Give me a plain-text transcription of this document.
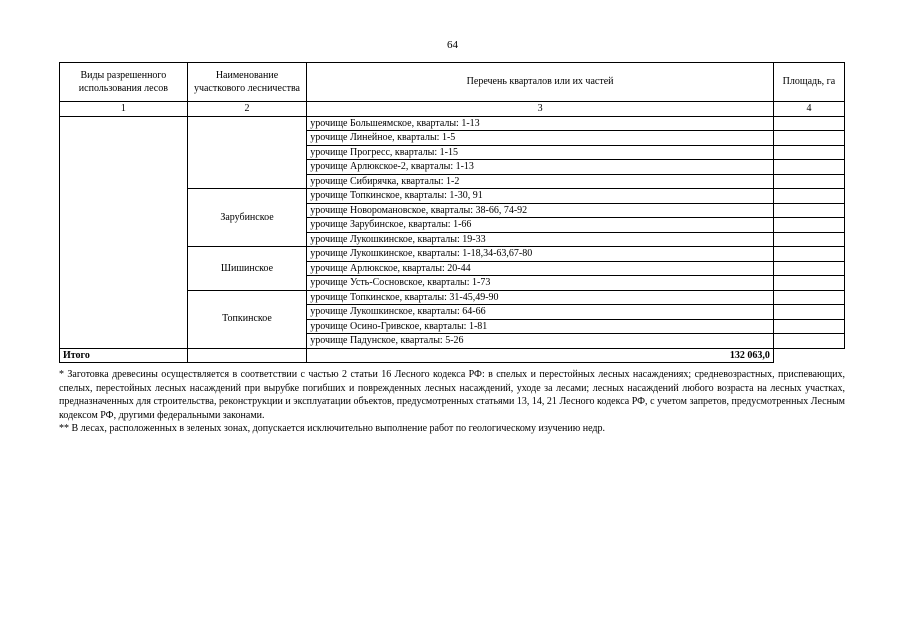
64
Виды разрешенного использования лесов	Наименование участкового лесничества	Перечень кварталов или их частей	Площадь, га
1	2	3	4
		урочище Большеямское, кварталы: 1-13	
		урочище Линейное, кварталы: 1-5	
		урочище Прогресс, кварталы: 1-15	
		урочище Арлюкское-2, кварталы: 1-13	
		урочище Сибирячка, кварталы: 1-2	
	Зарубинское	урочище Топкинское, кварталы: 1-30, 91	
		урочище Новоромановское, кварталы: 38-66, 74-92	
		урочище Зарубинское, кварталы: 1-66	
		урочище Лукошкинское, кварталы: 19-33	
	Шишинское	урочище Лукошкинское, кварталы: 1-18,34-63,67-80	
		урочище Арлюкское, кварталы: 20-44	
		урочище Усть-Сосновское, кварталы: 1-73	
	Топкинское	урочище Топкинское, кварталы: 31-45,49-90	
		урочище Лукошкинское, кварталы: 64-66	
		урочище Осино-Гривское, кварталы: 1-81	
		урочище Падунское, кварталы: 5-26	
Итого		132 063,0	

* Заготовка древесины осуществляется в соответствии с частью 2 статьи 16 Лесного кодекса РФ: в спелых и перестойных лесных насаждениях; средневозрастных, приспевающих, спелых, перестойных лесных насаждений при вырубке погибших и поврежденных лесных насаждений, уходе за лесами; лесных насаждений любого возраста на лесных участках, предназначенных для строительства, реконструкции и эксплуатации объектов, предусмотренных статьями 13, 14, 21 Лесного кодекса РФ, с учетом запретов, предусмотренных Лесным кодексом РФ, другими федеральными законами.

** В лесах, расположенных в зеленых зонах, допускается исключительно выполнение работ по геологическому изучению недр.
